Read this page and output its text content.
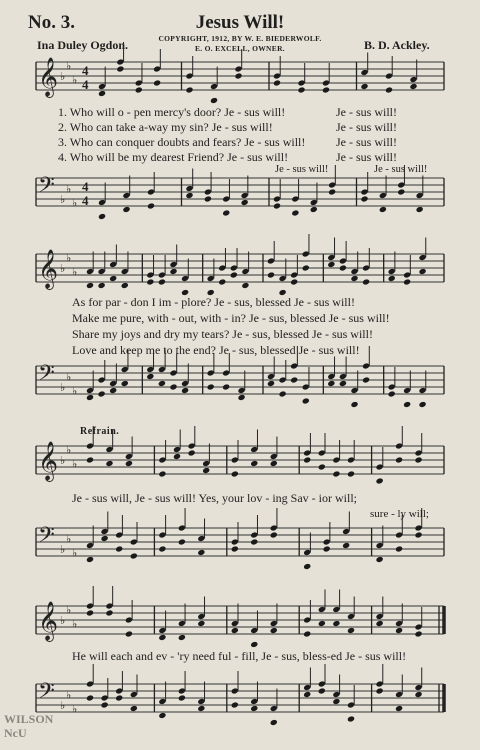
No. 3.	Jesus Will!
Ina Duley Ogdon.	COPYRIGHT, 1912, BY W. E. BIEDERWOLF.
E. O. EXCELL, OWNER.	B. D. Ackley.
𝄞 ♭
♭
♭
4
4
𝄢 ♭
♭
♭
4
4
𝄞 ♭
♭
♭
𝄢 ♭
♭
♭
𝄞 ♭
♭
♭
𝄢 ♭
♭
♭
𝄞 ♭
♭
♭
𝄢 ♭
♭
♭
1. Who will o - pen mercy's door? Je - sus will!	Je - sus will!
2. Who can take a-way my sin? Je - sus will!	Je - sus will!
3. Who can conquer doubts and fears? Je - sus will!	Je - sus will!
4. Who will be my dearest Friend? Je - sus will!	Je - sus will!
Je - sus will!	Je - sus will!
As for par - don I im - plore? Je - sus, blessed Je - sus will!
Make me pure, with - out, with - in? Je - sus, blessed Je - sus will!
Share my joys and dry my tears? Je - sus, blessed Je - sus will!
Love and keep me to the end? Je - sus, blessed Je - sus will!
Refrain.
Je - sus will, Je - sus will! Yes, your lov - ing Sav - ior will;
sure - ly will;
He will each and ev - 'ry need ful - fill, Je - sus, bless-ed Je - sus will!
WILSON
NcU
